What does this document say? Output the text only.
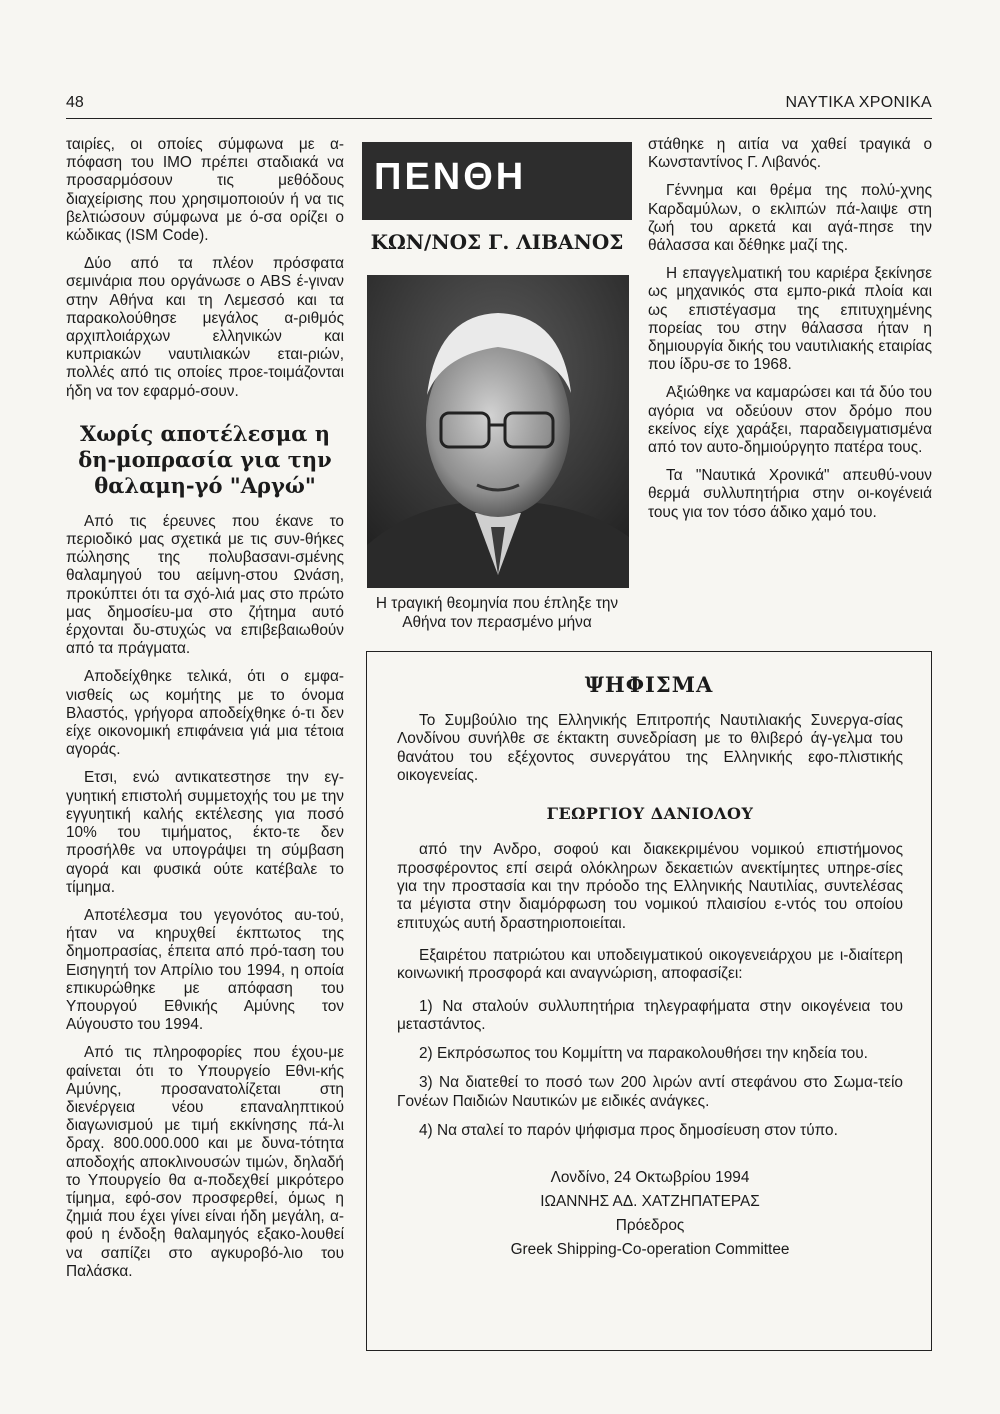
48	ΝΑΥΤΙΚΑ ΧΡΟΝΙΚΑ

ταιρίες, οι οποίες σύμφωνα με α-πόφαση του ΙΜΟ πρέπει σταδιακά να προσαρμόσουν τις μεθόδους διαχείρισης που χρησιμοποιούν ή να τις βελτιώσουν σύμφωνα με ό-σα ορίζει ο κώδικας (ISM Code).

Δύο από τα πλέον πρόσφατα σεμινάρια που οργάνωσε ο ABS έ-γιναν στην Αθήνα και τη Λεμεσσό και τα παρακολούθησε μεγάλος α-ριθμός αρχιπλοιάρχων ελληνικών και κυπριακών ναυτιλιακών εται-ριών, πολλές από τις οποίες προε-τοιμάζονται ήδη να τον εφαρμό-σουν.

Χωρίς αποτέλεσμα η δη-μοπρασία για την θαλαμη-γό "Αργώ"

Από τις έρευνες που έκανε το περιοδικό μας σχετικά με τις συν-θήκες πώλησης της πολυβασανι-σμένης θαλαμηγού του αείμνη-στου Ωνάση, προκύπτει ότι τα σχό-λιά μας στο πρώτο μας δημοσίευ-μα στο ζήτημα αυτό έρχονται δυ-στυχώς να επιβεβαιωθούν από τα πράγματα.

Αποδείχθηκε τελικά, ότι ο εμφα-νισθείς ως κομήτης με το όνομα Βλαστός, γρήγορα αποδείχθηκε ό-τι δεν είχε οικονομική επιφάνεια γιά μια τέτοια αγοράς.

Ετσι, ενώ αντικατεστησε την εγ-γυητική επιστολή συμμετοχής του με την εγγυητική καλής εκτέλεσης για ποσό 10% του τιμήματος, έκτο-τε δεν προσήλθε να υπογράψει τη σύμβαση αγορά και φυσικά ούτε κατέβαλε το τίμημα.

Αποτέλεσμα του γεγονότος αυ-τού, ήταν να κηρυχθεί έκπτωτος της δημοπρασίας, έπειτα από πρό-ταση του Εισηγητή τον Απρίλιο του 1994, η οποία επικυρώθηκε με απόφαση του Υπουργού Εθνικής Αμύνης τον Αύγουστο του 1994.

Από τις πληροφορίες που έχου-με φαίνεται ότι το Υπουργείο Εθνι-κής Αμύνης, προσανατολίζεται στη διενέργεια νέου επαναληπτικού διαγωνισμού με τιμή εκκίνησης πά-λι δραχ. 800.000.000 και με δυνα-τότητα αποδοχής αποκλινουσών τιμών, δηλαδή το Υπουργείο θα α-ποδεχθεί μικρότερο τίμημα, εφό-σον προσφερθεί, όμως η ζημιά που έχει γίνει είναι ήδη μεγάλη, α-φού η ένδοξη θαλαμηγός εξακο-λουθεί να σαπίζει στο αγκυροβό-λιο του Παλάσκα.

ΠΕΝΘΗ
ΚΩΝ/ΝΟΣ Γ. ΛΙΒΑΝΟΣ
Η τραγική θεομηνία που έπληξε την Αθήνα τον περασμένο μήνα

στάθηκε η αιτία να χαθεί τραγικά ο Κωνσταντίνος Γ. Λιβανός.

Γέννημα και θρέμα της πολύ-χνης Καρδαμύλων, ο εκλιπών πά-λαιψε στη ζωή του αρκετά και αγά-πησε την θάλασσα και δέθηκε μαζί της.

Η επαγγελματική του καριέρα ξεκίνησε ως μηχανικός στα εμπο-ρικά πλοία και ως επιστέγασμα της επιτυχημένης πορείας του στην θάλασσα ήταν η δημιουργία δικής του ναυτιλιακής εταιρίας που ίδρυ-σε το 1968.

Αξιώθηκε να καμαρώσει και τά δύο του αγόρια να οδεύουν στον δρόμο που εκείνος είχε χαράξει, παραδειγματισμένα από τον αυτο-δημιούργητο πατέρα τους.

Τα "Ναυτικά Χρονικά" απευθύ-νουν θερμά συλλυπητήρια στην οι-κογένειά τους για τον τόσο άδικο χαμό του.

ΨΗΦΙΣΜΑ

Το Συμβούλιο της Ελληνικής Επιτροπής Ναυτιλιακής Συνεργα-σίας Λονδίνου συνήλθε σε έκτακτη συνεδρίαση με το θλιβερό άγ-γελμα του θανάτου του εξέχοντος συνεργάτου της Ελληνικής εφο-πλιστικής οικογενείας.

ΓΕΩΡΓΙΟΥ ΔΑΝΙΟΛΟΥ

από την Ανδρο, σοφού και διακεκριμένου νομικού επιστήμονος προσφέροντος επί σειρά ολόκληρων δεκαετιών ανεκτίμητες υπηρε-σίες για την προστασία και την πρόοδο της Ελληνικής Ναυτιλίας, συντελέσας τα μέγιστα στην διαμόρφωση του νομικού πλαισίου ε-ντός του οποίου επιτυχώς αυτή δραστηριοποιείται.

Εξαιρέτου πατριώτου και υποδειγματικού οικογενειάρχου με ι-διαίτερη κοινωνική προσφορά και αναγνώριση, αποφασίζει:

1) Να σταλούν συλλυπητήρια τηλεγραφήματα στην οικογένεια του μεταστάντος.

2) Εκπρόσωπος του Κομμίττη να παρακολουθήσει την κηδεία του.

3) Να διατεθεί το ποσό των 200 λιρών αντί στεφάνου στο Σωμα-τείο Γονέων Παιδιών Ναυτικών με ειδικές ανάγκες.

4) Να σταλεί το παρόν ψήφισμα προς δημοσίευση στον τύπο.

Λονδίνο, 24 Οκτωβρίου 1994
ΙΩΑΝΝΗΣ ΑΔ. ΧΑΤΖΗΠΑΤΕΡΑΣ
Πρόεδρος
Greek Shipping-Co-operation Committee
